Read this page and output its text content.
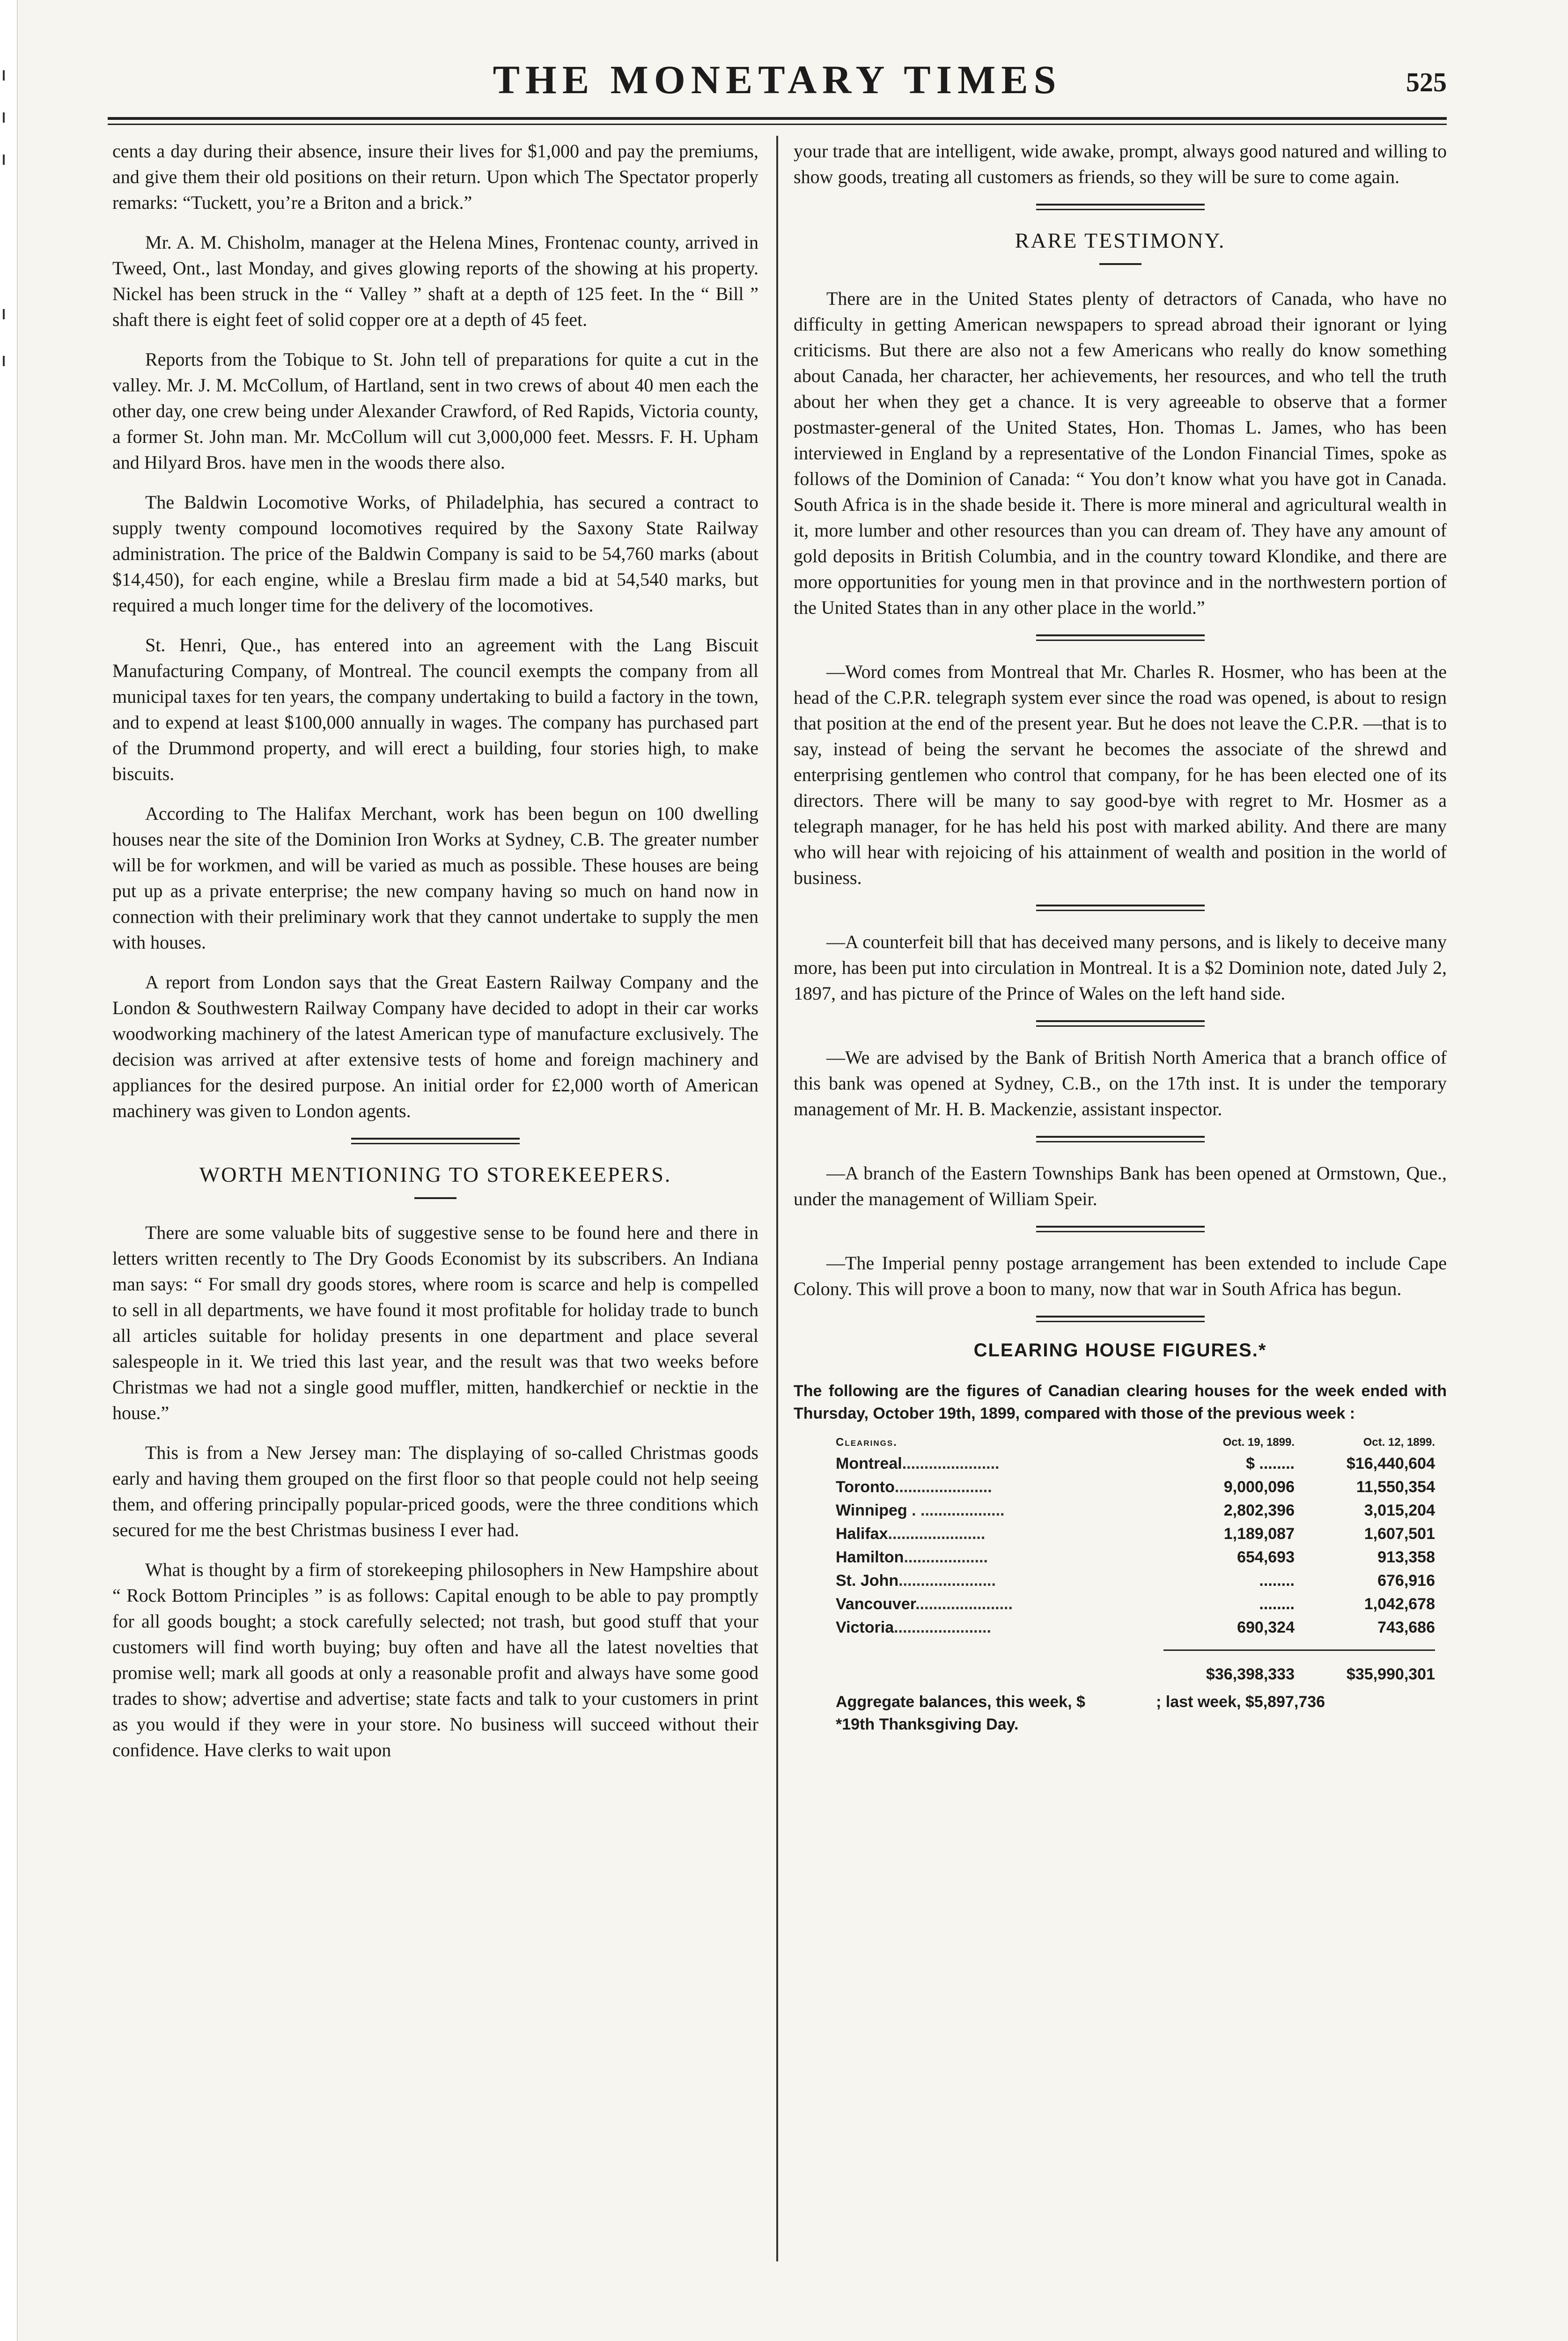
THE MONETARY TIMES	525

cents a day during their absence, insure their lives for $1,000 and pay the premiums, and give them their old positions on their return. Upon which The Spectator properly remarks: “Tuckett, you’re a Briton and a brick.”

Mr. A. M. Chisholm, manager at the Helena Mines, Frontenac county, arrived in Tweed, Ont., last Monday, and gives glowing reports of the showing at his property. Nickel has been struck in the “ Valley ” shaft at a depth of 125 feet. In the “ Bill ” shaft there is eight feet of solid copper ore at a depth of 45 feet.

Reports from the Tobique to St. John tell of preparations for quite a cut in the valley. Mr. J. M. McCollum, of Hartland, sent in two crews of about 40 men each the other day, one crew being under Alexander Crawford, of Red Rapids, Victoria county, a former St. John man. Mr. McCollum will cut 3,000,000 feet. Messrs. F. H. Upham and Hilyard Bros. have men in the woods there also.

The Baldwin Locomotive Works, of Philadelphia, has secured a contract to supply twenty compound locomotives required by the Saxony State Railway administration. The price of the Baldwin Company is said to be 54,760 marks (about $14,450), for each engine, while a Breslau firm made a bid at 54,540 marks, but required a much longer time for the delivery of the locomotives.

St. Henri, Que., has entered into an agreement with the Lang Biscuit Manufacturing Company, of Montreal. The council exempts the company from all municipal taxes for ten years, the company undertaking to build a factory in the town, and to expend at least $100,000 annually in wages. The company has purchased part of the Drummond property, and will erect a building, four stories high, to make biscuits.

According to The Halifax Merchant, work has been begun on 100 dwelling houses near the site of the Dominion Iron Works at Sydney, C.B. The greater number will be for workmen, and will be varied as much as possible. These houses are being put up as a private enterprise; the new company having so much on hand now in connection with their preliminary work that they cannot undertake to supply the men with houses.

A report from London says that the Great Eastern Railway Company and the London & Southwestern Railway Company have decided to adopt in their car works woodworking machinery of the latest American type of manufacture exclusively. The decision was arrived at after extensive tests of home and foreign machinery and appliances for the desired purpose. An initial order for £2,000 worth of American machinery was given to London agents.

WORTH MENTIONING TO STOREKEEPERS.

There are some valuable bits of suggestive sense to be found here and there in letters written recently to The Dry Goods Economist by its subscribers. An Indiana man says: “ For small dry goods stores, where room is scarce and help is compelled to sell in all departments, we have found it most profitable for holiday trade to bunch all articles suitable for holiday presents in one department and place several salespeople in it. We tried this last year, and the result was that two weeks before Christmas we had not a single good muffler, mitten, handkerchief or necktie in the house.”

This is from a New Jersey man: The displaying of so-called Christmas goods early and having them grouped on the first floor so that people could not help seeing them, and offering principally popular-priced goods, were the three conditions which secured for me the best Christmas business I ever had.

What is thought by a firm of storekeeping philosophers in New Hampshire about “ Rock Bottom Principles ” is as follows: Capital enough to be able to pay promptly for all goods bought; a stock carefully selected; not trash, but good stuff that your customers will find worth buying; buy often and have all the latest novelties that promise well; mark all goods at only a reasonable profit and always have some good trades to show; advertise and advertise; state facts and talk to your customers in print as you would if they were in your store. No business will succeed without their confidence. Have clerks to wait upon

your trade that are intelligent, wide awake, prompt, always good natured and willing to show goods, treating all customers as friends, so they will be sure to come again.

RARE TESTIMONY.

There are in the United States plenty of detractors of Canada, who have no difficulty in getting American newspapers to spread abroad their ignorant or lying criticisms. But there are also not a few Americans who really do know something about Canada, her character, her achievements, her resources, and who tell the truth about her when they get a chance. It is very agreeable to observe that a former postmaster-general of the United States, Hon. Thomas L. James, who has been interviewed in England by a representative of the London Financial Times, spoke as follows of the Dominion of Canada: “ You don’t know what you have got in Canada. South Africa is in the shade beside it. There is more mineral and agricultural wealth in it, more lumber and other resources than you can dream of. They have any amount of gold deposits in British Columbia, and in the country toward Klondike, and there are more opportunities for young men in that province and in the northwestern portion of the United States than in any other place in the world.”

—Word comes from Montreal that Mr. Charles R. Hosmer, who has been at the head of the C.P.R. telegraph system ever since the road was opened, is about to resign that position at the end of the present year. But he does not leave the C.P.R. —that is to say, instead of being the servant he becomes the associate of the shrewd and enterprising gentlemen who control that company, for he has been elected one of its directors. There will be many to say good-bye with regret to Mr. Hosmer as a telegraph manager, for he has held his post with marked ability. And there are many who will hear with rejoicing of his attainment of wealth and position in the world of business.

—A counterfeit bill that has deceived many persons, and is likely to deceive many more, has been put into circulation in Montreal. It is a $2 Dominion note, dated July 2, 1897, and has picture of the Prince of Wales on the left hand side.

—We are advised by the Bank of British North America that a branch office of this bank was opened at Sydney, C.B., on the 17th inst. It is under the temporary management of Mr. H. B. Mackenzie, assistant inspector.

—A branch of the Eastern Townships Bank has been opened at Ormstown, Que., under the management of William Speir.

—The Imperial penny postage arrangement has been extended to include Cape Colony. This will prove a boon to many, now that war in South Africa has begun.

CLEARING HOUSE FIGURES.*

The following are the figures of Canadian clearing houses for the week ended with Thursday, October 19th, 1899, compared with those of the previous week :

Clearings.	Oct. 19, 1899.	Oct. 12, 1899.
Montreal......................	$ ........	$16,440,604
Toronto......................	9,000,096	11,550,354
Winnipeg . ...................	2,802,396	3,015,204
Halifax......................	1,189,087	1,607,501
Hamilton...................	654,693	913,358
St. John......................	........	676,916
Vancouver......................	........	1,042,678
Victoria......................	690,324	743,686

	$36,398,333	$35,990,301
Aggregate balances, this week, $                ; last week, $5,897,736
*19th Thanksgiving Day.
